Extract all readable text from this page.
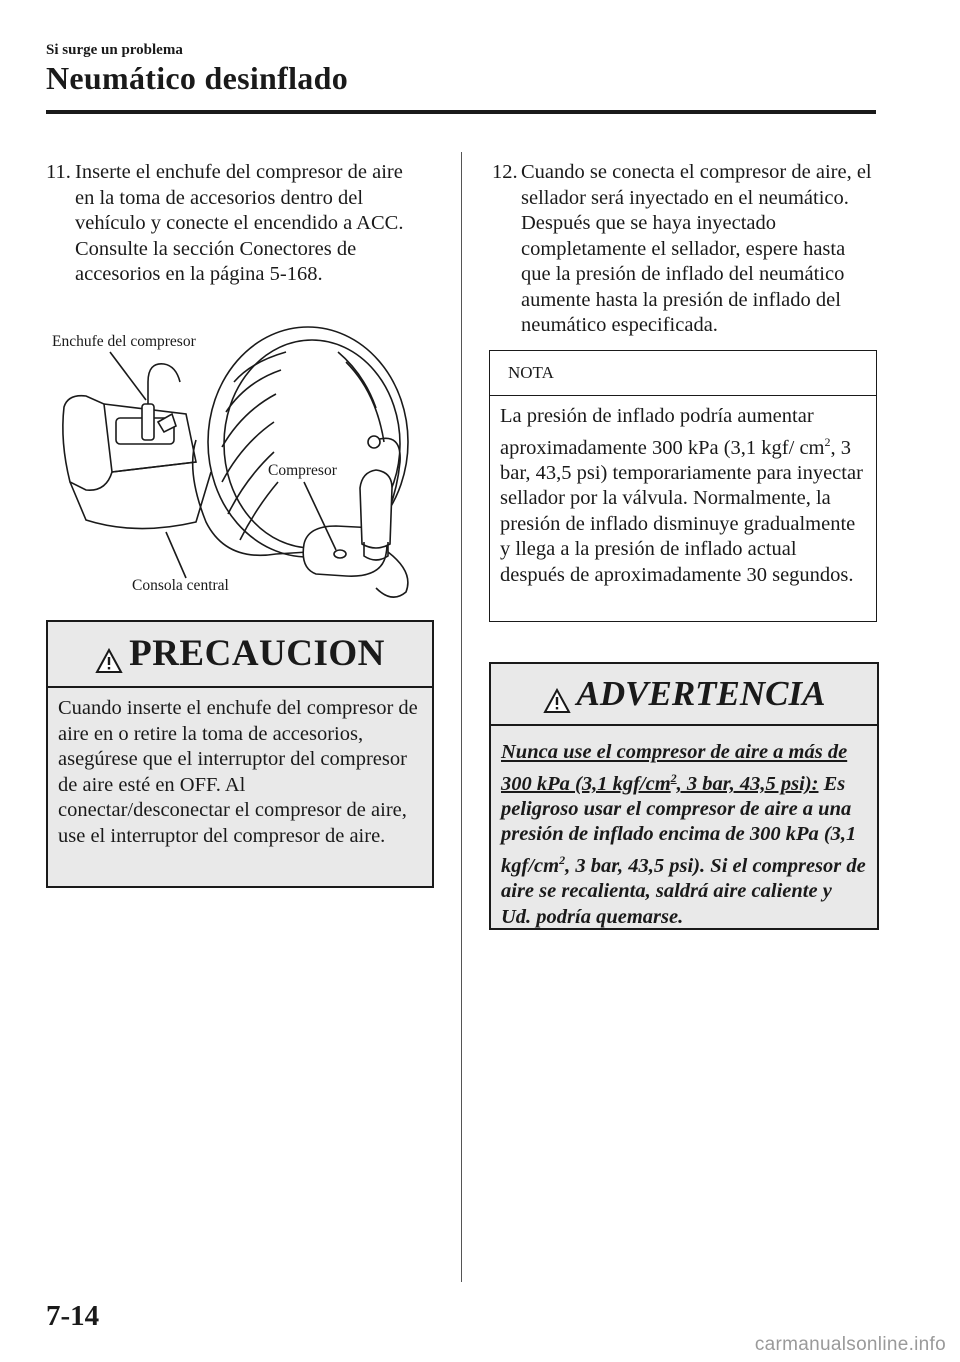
Si surge un problema
Neumático desinflado
11. Inserte el enchufe del compresor de aire en la toma de accesorios dentro del vehículo y conecte el encendido a ACC.

Consulte la sección Conectores de accesorios en la página 5-168.

Enchufe del compresor
Compresor
Consola central
PRECAUCION
Cuando inserte el enchufe del compresor de aire en o retire la toma de accesorios, asegúrese que el interruptor del compresor de aire esté en OFF. Al conectar/desconectar el compresor de aire, use el interruptor del compresor de aire.
12. Cuando se conecta el compresor de aire, el sellador será inyectado en el neumático. Después que se haya inyectado completamente el sellador, espere hasta que la presión de inflado del neumático aumente hasta la presión de inflado del neumático especificada.

NOTA
La presión de inflado podría aumentar aproximadamente 300 kPa (3,1 kgf/ $cm^2$, 3 bar, 43,5 psi) temporariamente para inyectar sellador por la válvula. Normalmente, la presión de inflado disminuye gradualmente y llega a la presión de inflado actual después de aproximadamente 30 segundos.
ADVERTENCIA
Nunca use el compresor de aire a más de 300 kPa (3,1 kgf/$cm^2$, 3 bar, 43,5 psi): Es peligroso usar el compresor de aire a una presión de inflado encima de 300 kPa (3,1 kgf/$cm^2$, 3 bar, 43,5 psi). Si el compresor de aire se recalienta, saldrá aire caliente y Ud. podría quemarse.
7-14
carmanualsonline.info
